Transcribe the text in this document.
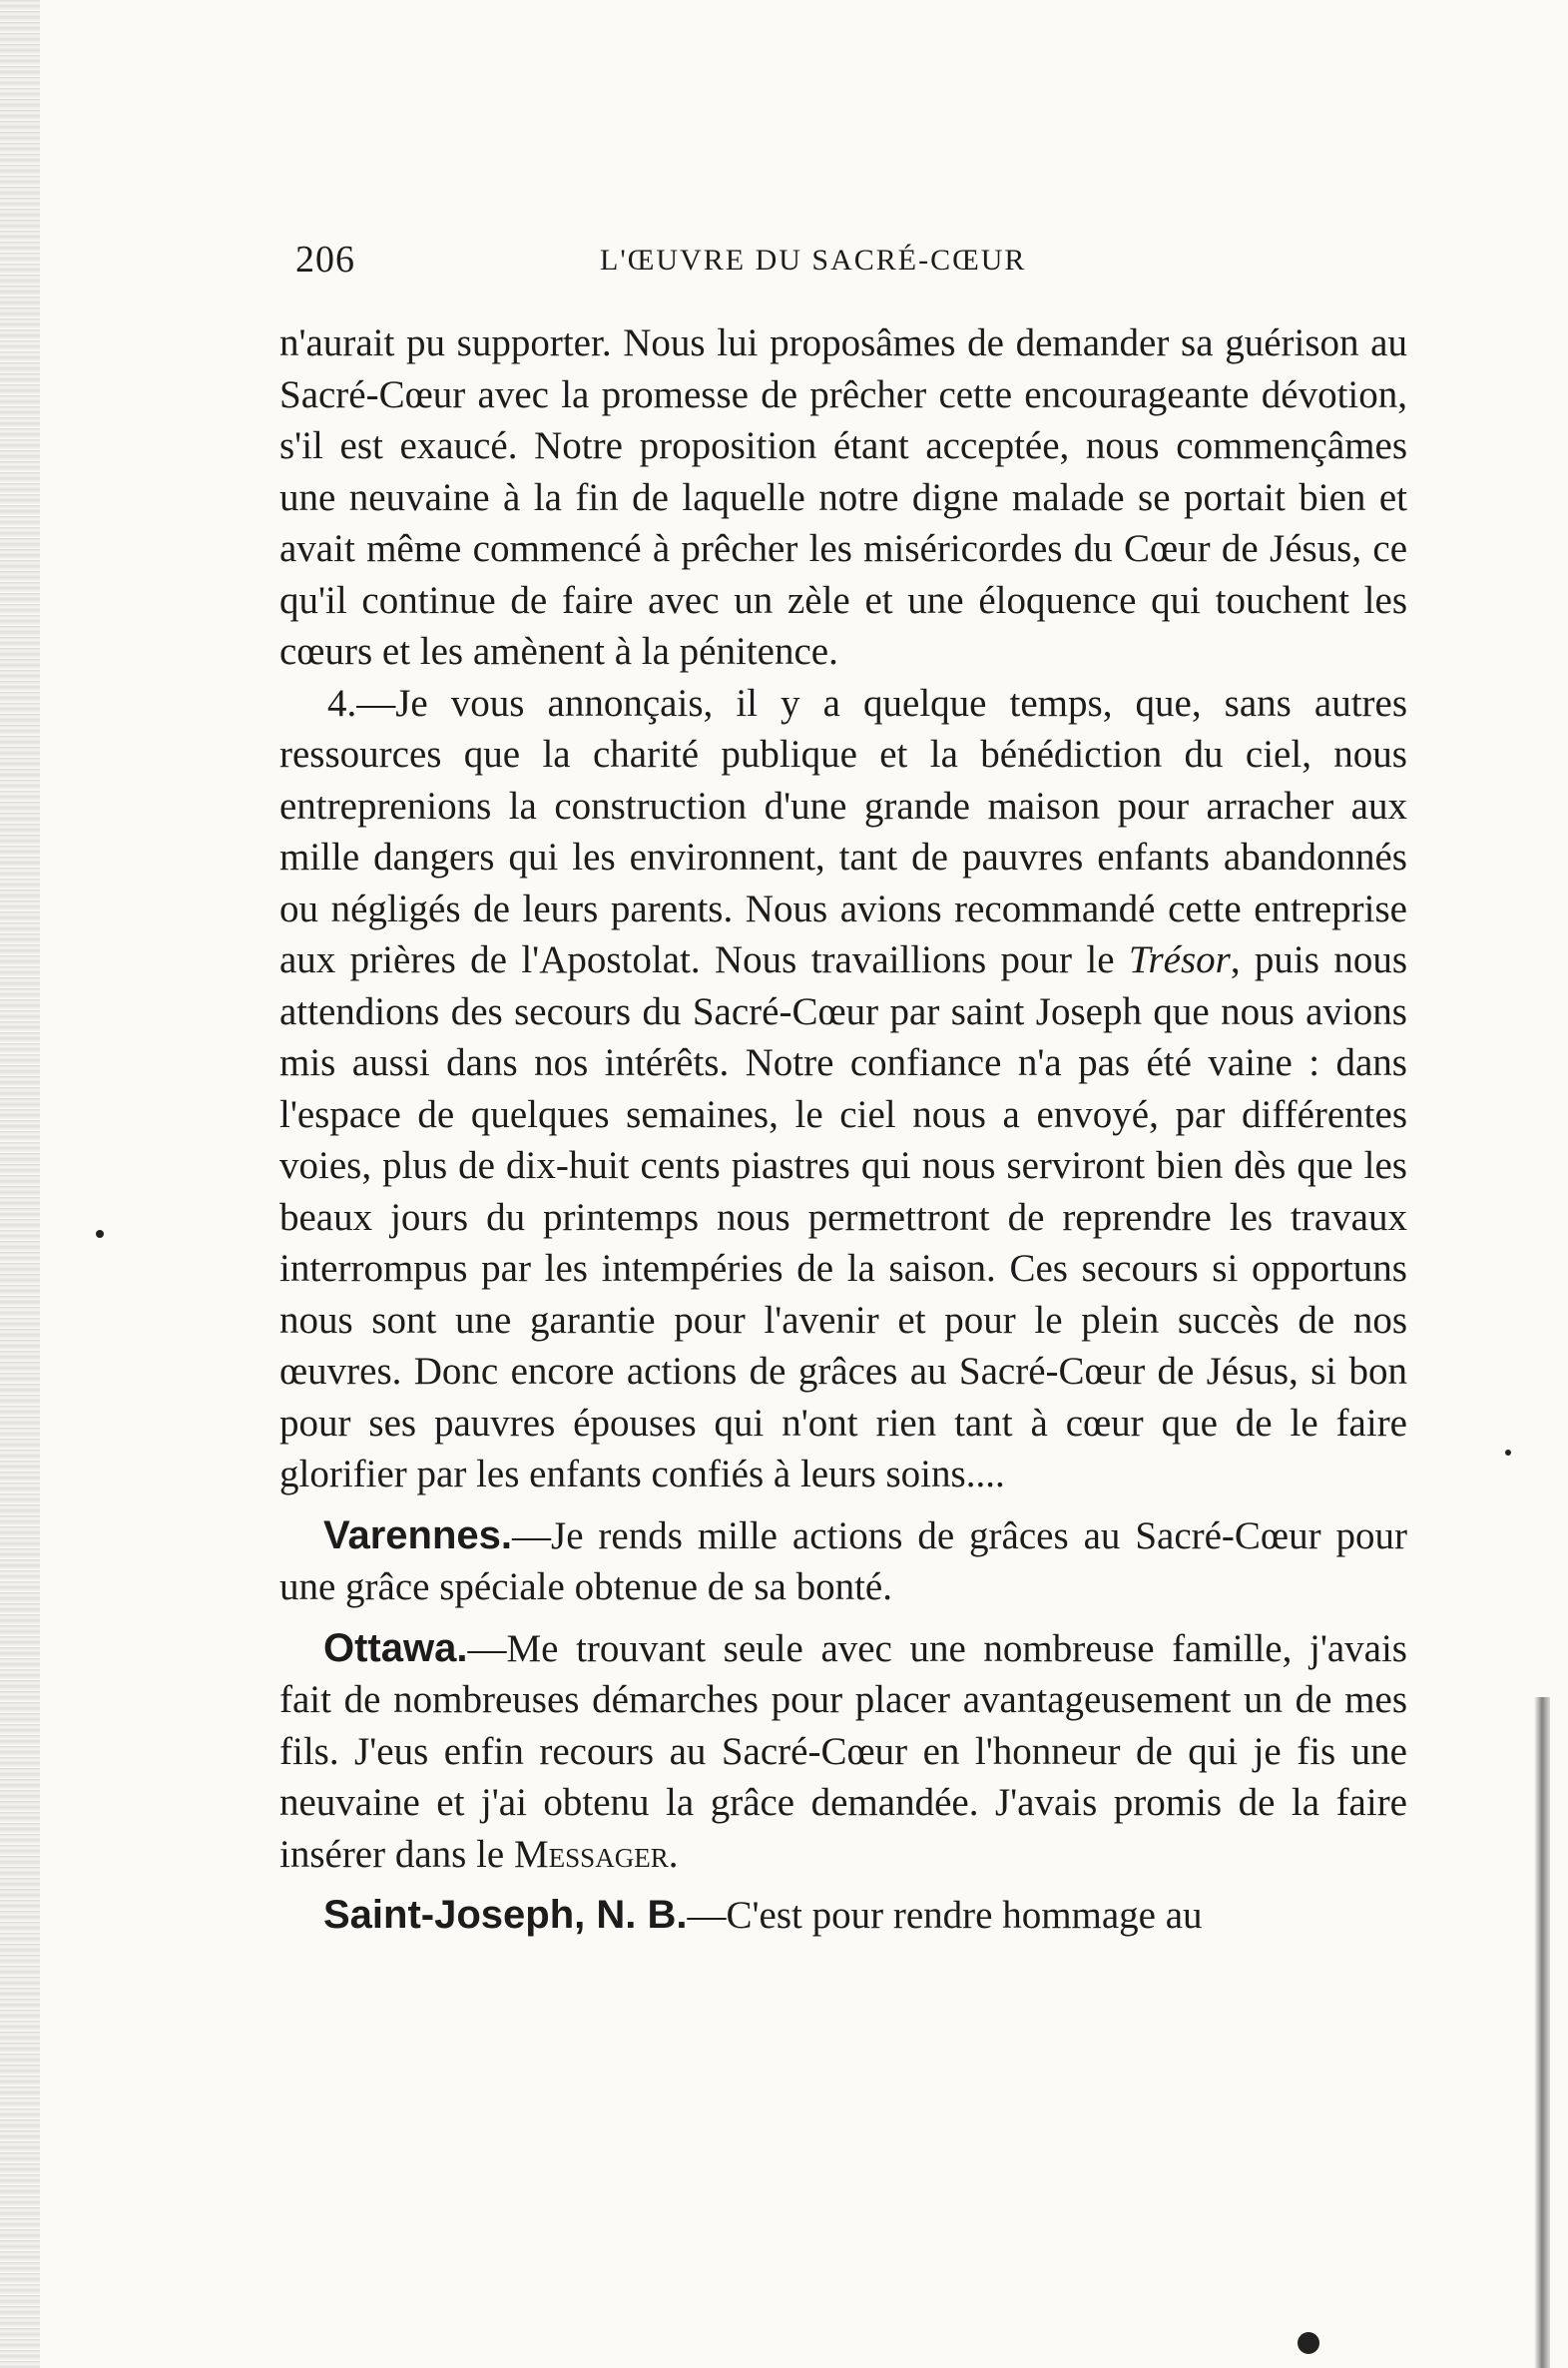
206	L'ŒUVRE DU SACRÉ-CŒUR

n'aurait pu supporter. Nous lui proposâmes de demander sa guérison au Sacré-Cœur avec la promesse de prêcher cette encourageante dévotion, s'il est exaucé. Notre proposition étant acceptée, nous commençâmes une neuvaine à la fin de laquelle notre digne malade se portait bien et avait même commencé à prêcher les miséricordes du Cœur de Jésus, ce qu'il continue de faire avec un zèle et une éloquence qui touchent les cœurs et les amènent à la pénitence.

4.—Je vous annonçais, il y a quelque temps, que, sans autres ressources que la charité publique et la bénédiction du ciel, nous entreprenions la construction d'une grande maison pour arracher aux mille dangers qui les environnent, tant de pauvres enfants abandonnés ou négligés de leurs parents. Nous avions recommandé cette entreprise aux prières de l'Apostolat. Nous travaillions pour le Trésor, puis nous attendions des secours du Sacré-Cœur par saint Joseph que nous avions mis aussi dans nos intérêts. Notre confiance n'a pas été vaine : dans l'espace de quelques semaines, le ciel nous a envoyé, par différentes voies, plus de dix-huit cents piastres qui nous serviront bien dès que les beaux jours du printemps nous permettront de reprendre les travaux interrompus par les intempéries de la saison. Ces secours si opportuns nous sont une garantie pour l'avenir et pour le plein succès de nos œuvres. Donc encore actions de grâces au Sacré-Cœur de Jésus, si bon pour ses pauvres épouses qui n'ont rien tant à cœur que de le faire glorifier par les enfants confiés à leurs soins....

Varennes.—Je rends mille actions de grâces au Sacré-Cœur pour une grâce spéciale obtenue de sa bonté.

Ottawa.—Me trouvant seule avec une nombreuse famille, j'avais fait de nombreuses démarches pour placer avantageusement un de mes fils. J'eus enfin recours au Sacré-Cœur en l'honneur de qui je fis une neuvaine et j'ai obtenu la grâce demandée. J'avais promis de la faire insérer dans le Messager.

Saint-Joseph, N. B.—C'est pour rendre hommage au
